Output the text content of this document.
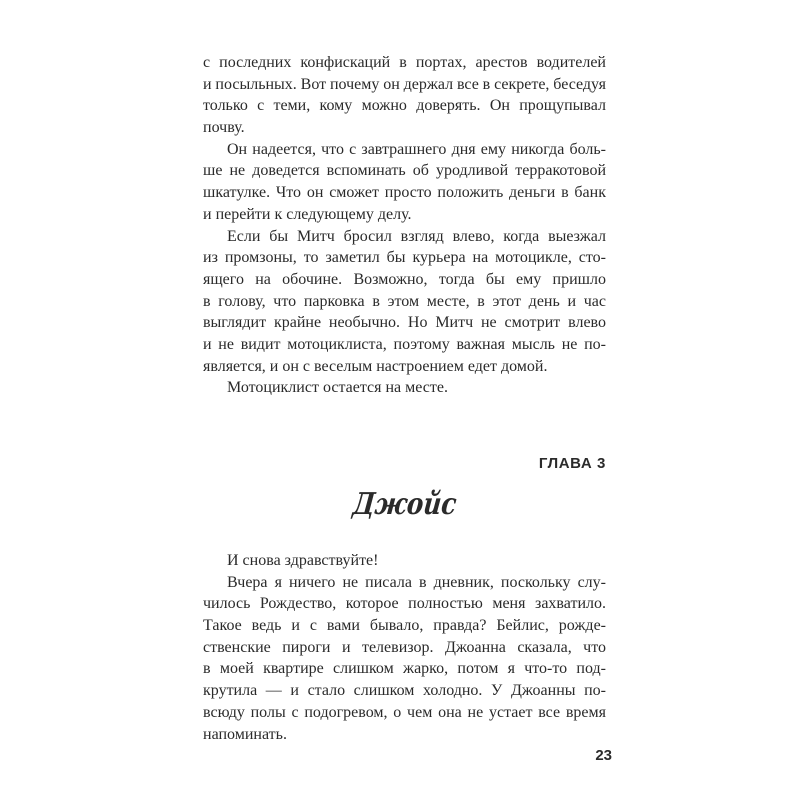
с последних конфискаций в портах, арестов водителей
и посыльных. Вот почему он держал все в секрете, беседуя
только с теми, кому можно доверять. Он прощупывал
почву.
Он надеется, что с завтрашнего дня ему никогда боль-
ше не доведется вспоминать об уродливой терракотовой
шкатулке. Что он сможет просто положить деньги в банк
и перейти к следующему делу.
Если бы Митч бросил взгляд влево, когда выезжал
из промзоны, то заметил бы курьера на мотоцикле, сто-
ящего на обочине. Возможно, тогда бы ему пришло
в голову, что парковка в этом месте, в этот день и час
выглядит крайне необычно. Но Митч не смотрит влево
и не видит мотоциклиста, поэтому важная мысль не по-
является, и он с веселым настроением едет домой.
Мотоциклист остается на месте.
ГЛАВА 3
Джойс
И снова здравствуйте!
Вчера я ничего не писала в дневник, поскольку слу-
чилось Рождество, которое полностью меня захватило.
Такое ведь и с вами бывало, правда? Бейлис, рожде-
ственские пироги и телевизор. Джоанна сказала, что
в моей квартире слишком жарко, потом я что-то под-
крутила — и стало слишком холодно. У Джоанны по-
всюду полы с подогревом, о чем она не устает все время
напоминать.
23
